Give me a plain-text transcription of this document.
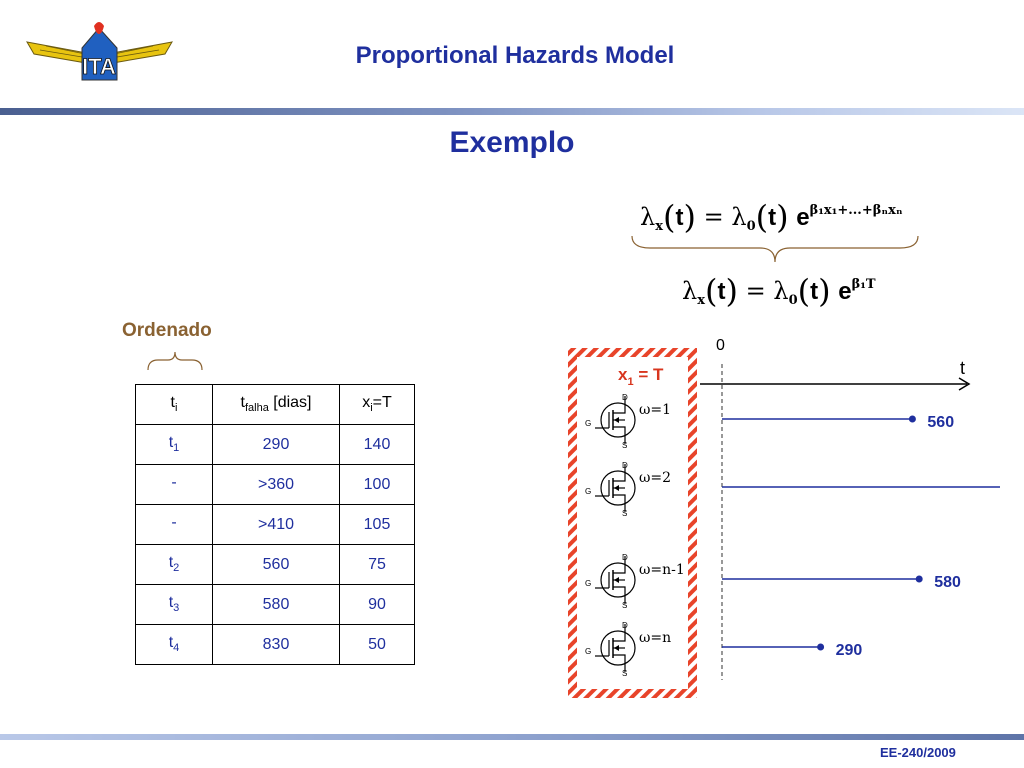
ITA	Proportional Hazards Model
Exemplo
$\lambda_x(t) = \lambda_0(t)$ $e^{\beta_1x_1+...+\beta_nx_n}$
$\lambda_x(t) = \lambda_0(t)$ $e^{\beta_1T}$
Ordenado
$t_i$	$t_{falha}$ [dias]	$x_i=T$
$t_1$	290	140
-	>360	100
-	>410	105
$t_2$	560	75
$t_3$	580	90
$t_4$	830	50
$x_1 = T$
0
t
D
G
S
ω=1
560
D
G
S
ω=2
D
G
S
ω=n-1
580
D
G
S
ω=n
290
EE-240/2009
